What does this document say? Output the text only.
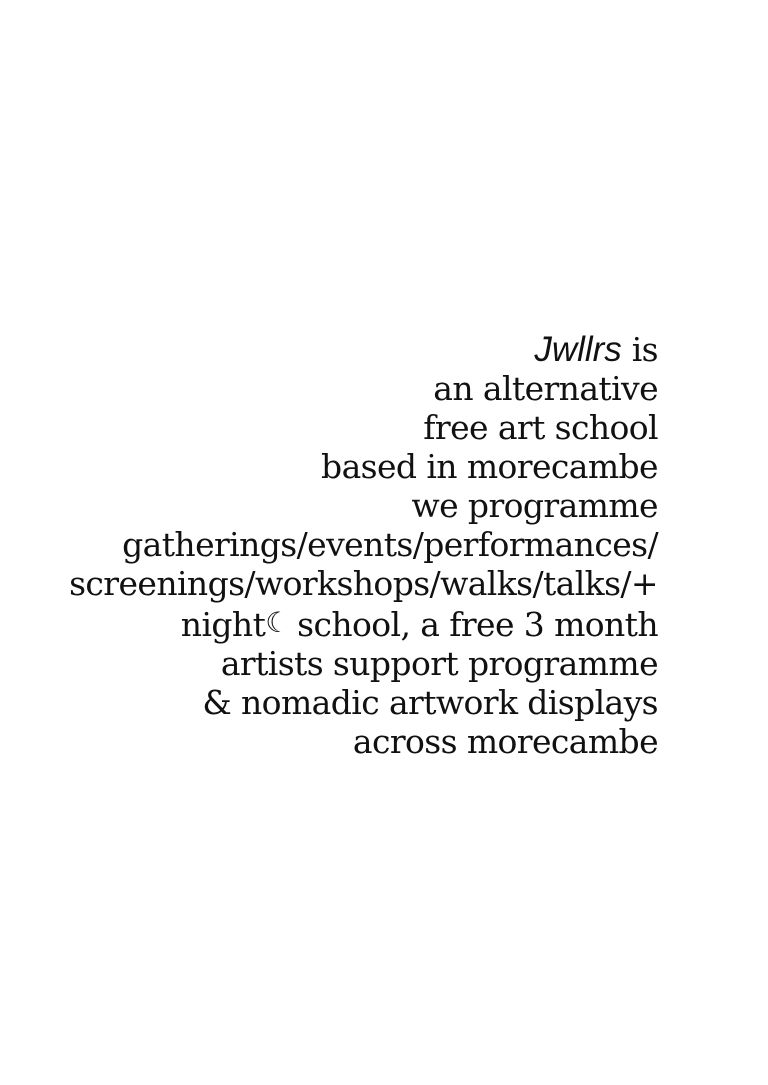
Jwllrs is
an alternative
free art school
based in morecambe
we programme
gatherings/events/performances/
screenings/workshops/walks/talks/+
night☾ school, a free 3 month
artists support programme
& nomadic artwork displays
across morecambe
